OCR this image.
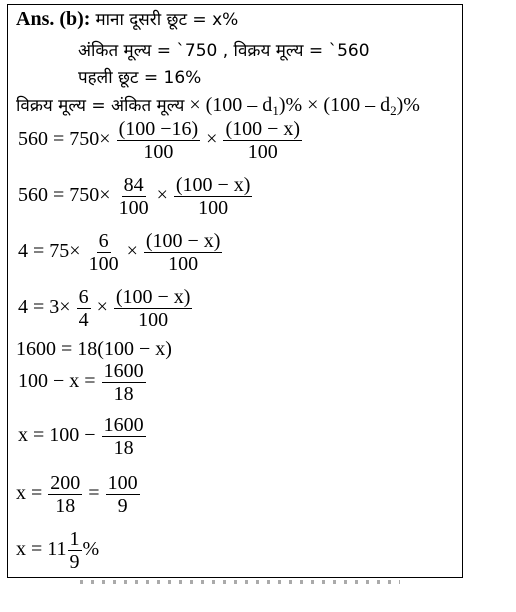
Ans. (b): माना दूसरी छूट = x%
अंकित मूल्य = `750 , विक्रय मूल्य = `560
पहली छूट = 16%
विक्रय मूल्य = अंकित मूल्य × $(100 - d_1)\% \times (100 - d_2)\%$
$560 = 750\times \frac{(100 -16)}{100} \times \frac{(100 - x)}{100}$
$560 = 750\times \frac{84}{100} \times \frac{(100 - x)}{100}$
$4 = 75\times \frac{6}{100} \times \frac{(100 - x)}{100}$
$4 = 3\times \frac{6}{4} \times \frac{(100 - x)}{100}$
1600 = 18(100 − x)
$100 - x = \frac{1600}{18}$
$x = 100 - \frac{1600}{18}$
$x = \frac{200}{18} = \frac{100}{9}$
$x = 11 \frac{1}{9}$ %
